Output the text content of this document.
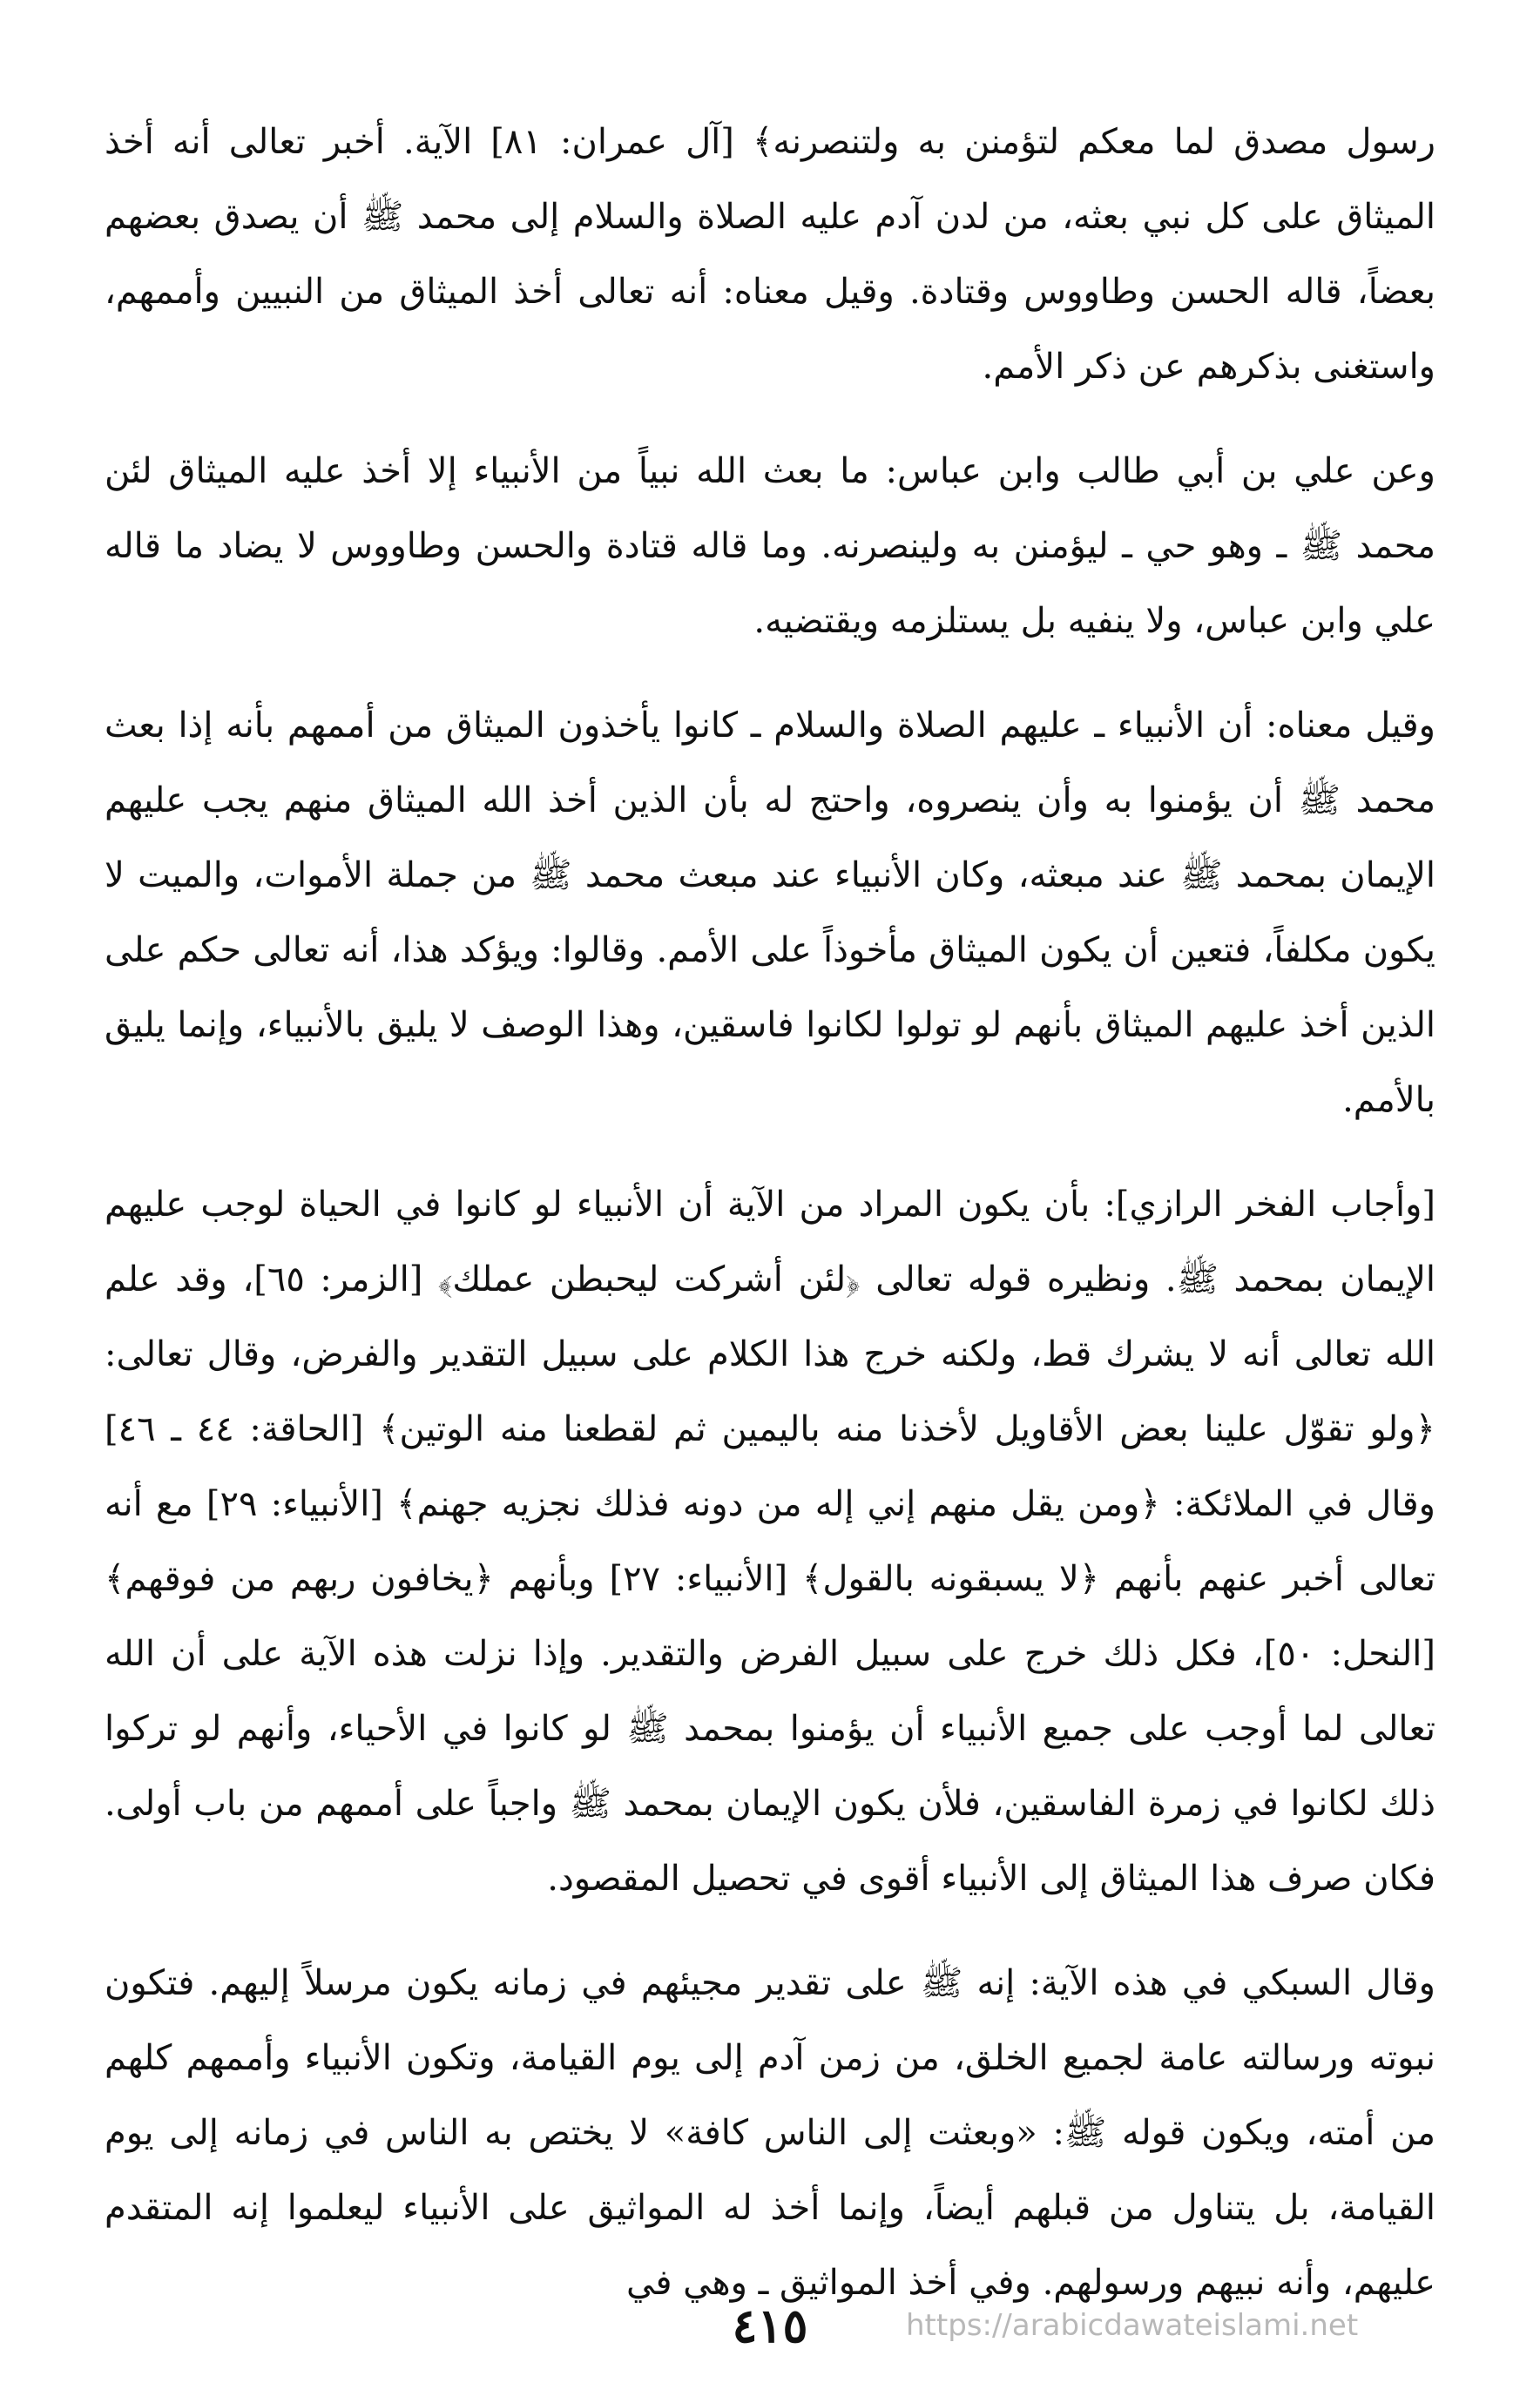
رسول مصدق لما معكم لتؤمنن به ولتنصرنه﴾ [آل عمران: ٨١] الآية. أخبر تعالى أنه أخذ الميثاق على كل نبي بعثه، من لدن آدم عليه الصلاة والسلام إلى محمد ﷺ أن يصدق بعضهم بعضاً، قاله الحسن وطاووس وقتادة. وقيل معناه: أنه تعالى أخذ الميثاق من النبيين وأممهم، واستغنى بذكرهم عن ذكر الأمم.

وعن علي بن أبي طالب وابن عباس: ما بعث الله نبياً من الأنبياء إلا أخذ عليه الميثاق لئن محمد ﷺ ـ وهو حي ـ ليؤمنن به ولينصرنه. وما قاله قتادة والحسن وطاووس لا يضاد ما قاله علي وابن عباس، ولا ينفيه بل يستلزمه ويقتضيه.

وقيل معناه: أن الأنبياء ـ عليهم الصلاة والسلام ـ كانوا يأخذون الميثاق من أممهم بأنه إذا بعث محمد ﷺ أن يؤمنوا به وأن ينصروه، واحتج له بأن الذين أخذ الله الميثاق منهم يجب عليهم الإيمان بمحمد ﷺ عند مبعثه، وكان الأنبياء عند مبعث محمد ﷺ من جملة الأموات، والميت لا يكون مكلفاً، فتعين أن يكون الميثاق مأخوذاً على الأمم. وقالوا: ويؤكد هذا، أنه تعالى حكم على الذين أخذ عليهم الميثاق بأنهم لو تولوا لكانوا فاسقين، وهذا الوصف لا يليق بالأنبياء، وإنما يليق بالأمم.

[وأجاب الفخر الرازي]: بأن يكون المراد من الآية أن الأنبياء لو كانوا في الحياة لوجب عليهم الإيمان بمحمد ﷺ. ونظيره قوله تعالى ﴿لئن أشركت ليحبطن عملك﴾ [الزمر: ٦٥]، وقد علم الله تعالى أنه لا يشرك قط، ولكنه خرج هذا الكلام على سبيل التقدير والفرض، وقال تعالى: ﴿ولو تقوّل علينا بعض الأقاويل لأخذنا منه باليمين ثم لقطعنا منه الوتين﴾ [الحاقة: ٤٤ ـ ٤٦] وقال في الملائكة: ﴿ومن يقل منهم إني إله من دونه فذلك نجزيه جهنم﴾ [الأنبياء: ٢٩] مع أنه تعالى أخبر عنهم بأنهم ﴿لا يسبقونه بالقول﴾ [الأنبياء: ٢٧] وبأنهم ﴿يخافون ربهم من فوقهم﴾ [النحل: ٥٠]، فكل ذلك خرج على سبيل الفرض والتقدير. وإذا نزلت هذه الآية على أن الله تعالى لما أوجب على جميع الأنبياء أن يؤمنوا بمحمد ﷺ لو كانوا في الأحياء، وأنهم لو تركوا ذلك لكانوا في زمرة الفاسقين، فلأن يكون الإيمان بمحمد ﷺ واجباً على أممهم من باب أولى. فكان صرف هذا الميثاق إلى الأنبياء أقوى في تحصيل المقصود.

وقال السبكي في هذه الآية: إنه ﷺ على تقدير مجيئهم في زمانه يكون مرسلاً إليهم. فتكون نبوته ورسالته عامة لجميع الخلق، من زمن آدم إلى يوم القيامة، وتكون الأنبياء وأممهم كلهم من أمته، ويكون قوله ﷺ: «وبعثت إلى الناس كافة» لا يختص به الناس في زمانه إلى يوم القيامة، بل يتناول من قبلهم أيضاً، وإنما أخذ له المواثيق على الأنبياء ليعلموا إنه المتقدم عليهم، وأنه نبيهم ورسولهم. وفي أخذ المواثيق ـ وهي في

٤١٥	https://arabicdawateislami.net
